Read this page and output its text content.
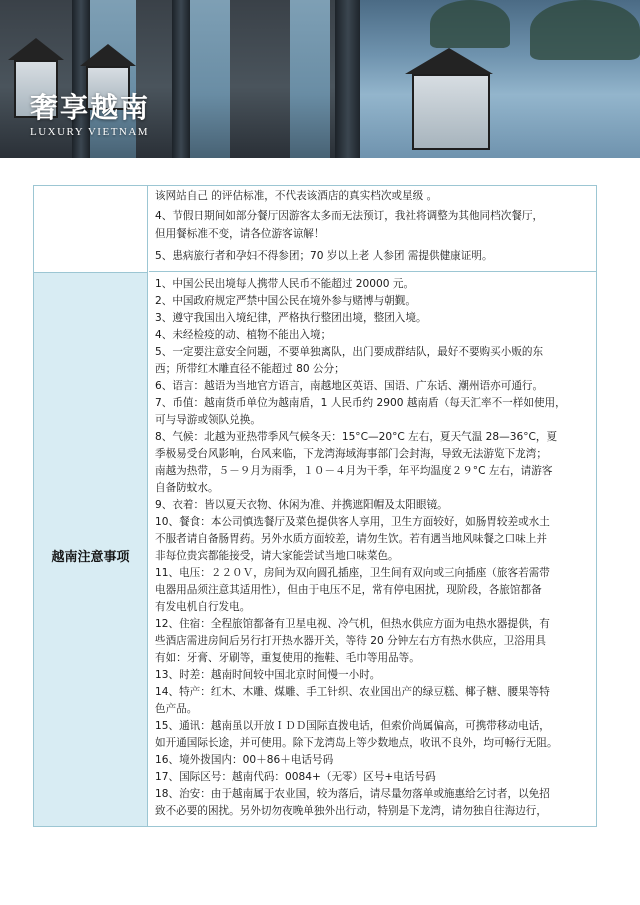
奢享越南
LUXURY VIETNAM
越南注意事项
该网站自己 的评估标准，不代表该酒店的真实档次或星级 。
4、节假日期间如部分餐厅因游客太多而无法预订，我社将调整为其他同档次餐厅，
但用餐标准不变，请各位游客谅解！
5、患病旅行者和孕妇不得参团；70 岁以上老 人参团 需提供健康证明。
1、中国公民出境每人携带人民币不能超过 20000 元。
2、中国政府规定严禁中国公民在境外参与赌博与朝觐。
3、遵守我国出入境纪律，严格执行整团出境，整团入境。
4、未经检疫的动、植物不能出入境；
5、一定要注意安全问题，不要单独离队，出门要成群结队，最好不要购买小贩的东
西；所带红木雕直径不能超过 80 公分；
6、语言：越语为当地官方语言，南越地区英语、国语、广东话、潮州语亦可通行。
7、币值：越南货币单位为越南盾，1 人民币约 2900 越南盾（每天汇率不一样如使用，
可与导游或领队兑换。
8、气候：北越为亚热带季风气候冬天：15°C—20°C 左右，夏天气温 28—36°C，夏
季极易受台风影响，台风来临，下龙湾海域海事部门会封海，导致无法游览下龙湾；
南越为热带，５－９月为雨季，１０－４月为干季，年平均温度２９°C 左右，请游客
自备防蚊水。
9、衣着：皆以夏天衣物、休闲为准、并携遮阳帽及太阳眼镜。
10、餐食：本公司慎选餐厅及菜色提供客人享用，卫生方面较好，如肠胃较差或水土
不服者请自备肠胃药。另外水质方面较差，请勿生饮。若有遇当地风味餐之口味上并
非每位贵宾都能接受，请大家能尝试当地口味菜色。
11、电压：２２０Ｖ，房间为双向圆孔插座，卫生间有双向或三向插座（旅客若需带
电器用品须注意其适用性），但由于电压不足，常有停电困扰，现阶段，各旅馆都备
有发电机自行发电。
12、住宿：全程旅馆都备有卫星电视、冷气机，但热水供应方面为电热水器提供，有
些酒店需进房间后另行打开热水器开关，等待 20 分钟左右方有热水供应，卫浴用具
有如：牙膏、牙刷等，重复使用的拖鞋、毛巾等用品等。
13、时差：越南时间较中国北京时间慢一小时。
14、特产：红木、木雕、煤雕、手工针织、农业国出产的绿豆糕、椰子糖、腰果等特
色产品。
15、通讯：越南虽以开放ＩＤＤ国际直拨电话，但索价尚属偏高，可携带移动电话，
如开通国际长途，并可使用。除下龙湾岛上等少数地点，收讯不良外，均可畅行无阻。
16、境外拨国内：00＋86＋电话号码
17、国际区号：越南代码：0084+（无零）区号+电话号码
18、治安：由于越南属于农业国，较为落后，请尽量勿落单或施惠给乞讨者，以免招
致不必要的困扰。另外切勿夜晚单独外出行动，特别是下龙湾，请勿独自往海边行，
